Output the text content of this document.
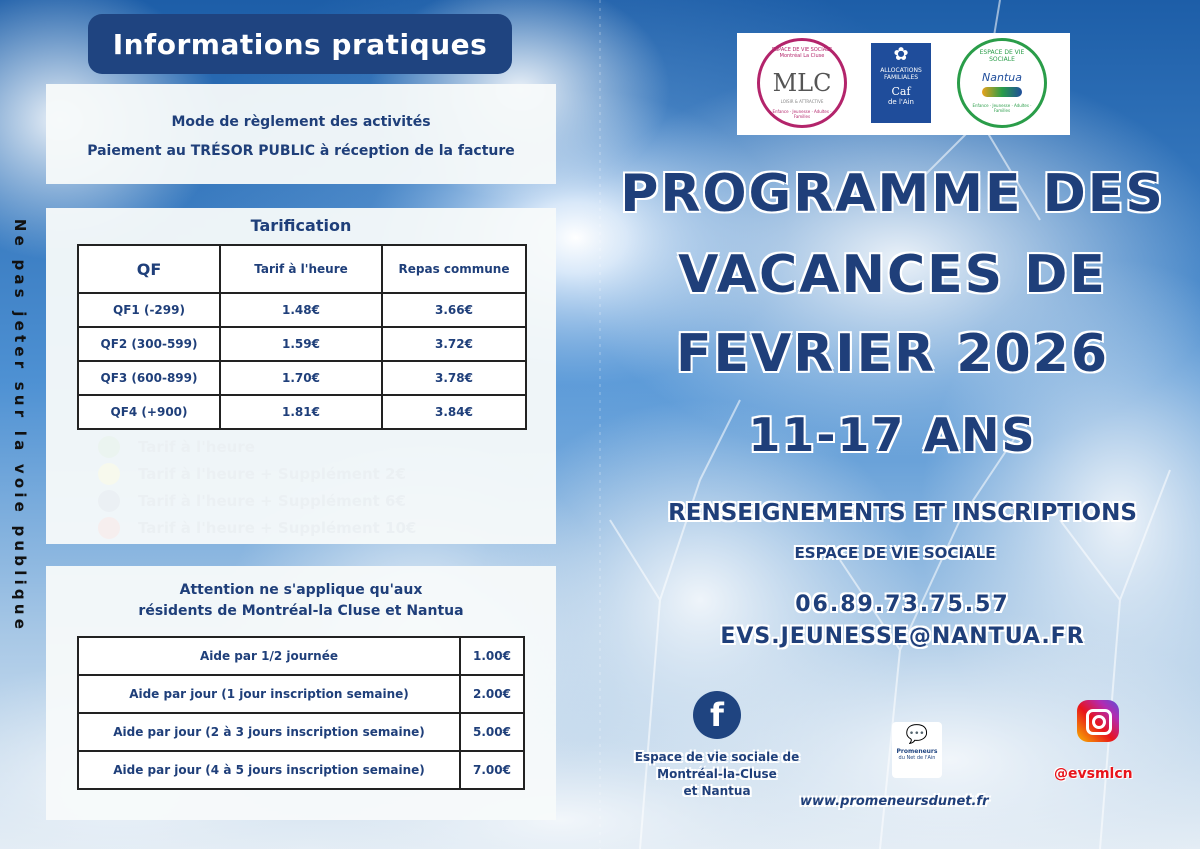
Informations pratiques
Ne pas jeter sur la voie publique
Mode de règlement des activités
Paiement au TRÉSOR PUBLIC à réception de la facture
Tarification
QF	Tarif à l'heure	Repas commune
QF1 (-299)	1.48€	3.66€
QF2 (300-599)	1.59€	3.72€
QF3 (600-899)	1.70€	3.78€
QF4 (+900)	1.81€	3.84€
Attention ne s'applique qu'aux
résidents de Montréal-la Cluse et Nantua
Aide par 1/2 journée	1.00€
Aide par jour (1 jour inscription semaine)	2.00€
Aide par jour (2 à 3 jours inscription semaine)	5.00€
Aide par jour (4 à 5 jours inscription semaine)	7.00€
ESPACE DE VIE SOCIALE Montréal La Cluse
MLC
LOISIR & ATTRACTIVE
Enfance · Jeunesse · Adultes · Familles
✿
ALLOCATIONS
FAMILIALES
Caf
de l'Ain
ESPACE DE VIE SOCIALE
Nantua
Enfance · Jeunesse · Adultes · Familles
PROGRAMME DES
VACANCES DE
FEVRIER 2026
11-17 ANS
RENSEIGNEMENTS ET INSCRIPTIONS
ESPACE DE VIE SOCIALE
06.89.73.75.57
EVS.JEUNESSE@NANTUA.FR
f
Espace de vie sociale de
Montréal-la-Cluse
et Nantua
💬
Promeneurs
du Net de l'Ain
www.promeneursdunet.fr
@evsmlcn
